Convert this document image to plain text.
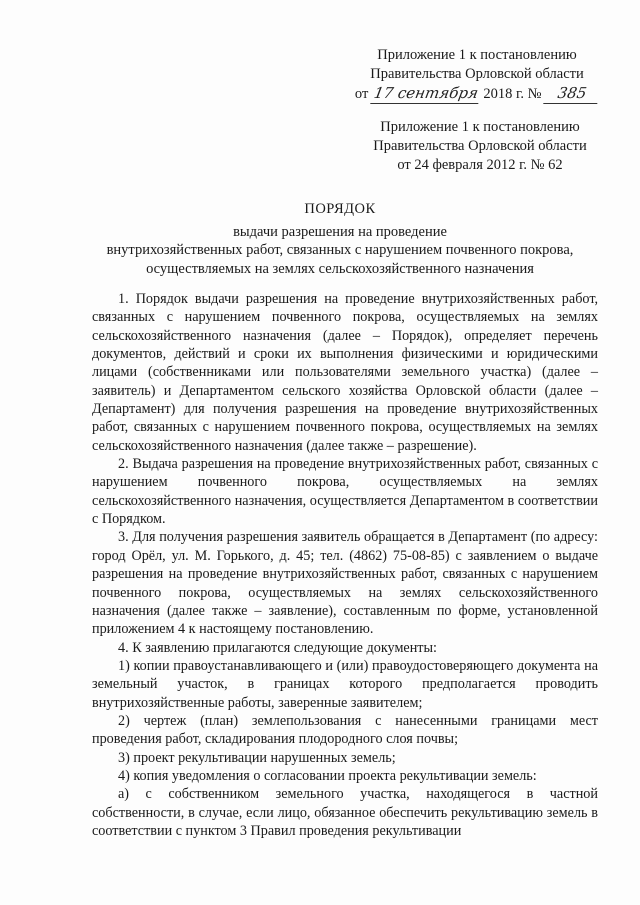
Приложение 1 к постановлению
Правительства Орловской области
от 17 сентября 2018 г. № 385
Приложение 1 к постановлению
Правительства Орловской области
от 24 февраля 2012 г. № 62
ПОРЯДОК
выдачи разрешения на проведение
внутрихозяйственных работ, связанных с нарушением почвенного покрова,
осуществляемых на землях сельскохозяйственного назначения

1. Порядок выдачи разрешения на проведение внутрихозяйственных работ, связанных с нарушением почвенного покрова, осуществляемых на землях сельскохозяйственного назначения (далее – Порядок), определяет перечень документов, действий и сроки их выполнения физическими и юридическими лицами (собственниками или пользователями земельного участка) (далее – заявитель) и Департаментом сельского хозяйства Орловской области (далее – Департамент) для получения разрешения на проведение внутрихозяйственных работ, связанных с нарушением почвенного покрова, осуществляемых на землях сельскохозяйственного назначения (далее также – разрешение).

2. Выдача разрешения на проведение внутрихозяйственных работ, связанных с нарушением почвенного покрова, осуществляемых на землях сельскохозяйственного назначения, осуществляется Департаментом в соответствии с Порядком.

3. Для получения разрешения заявитель обращается в Департамент (по адресу: город Орёл, ул. М. Горького, д. 45; тел. (4862) 75-08-85) с заявлением о выдаче разрешения на проведение внутрихозяйственных работ, связанных с нарушением почвенного покрова, осуществляемых на землях сельскохозяйственного назначения (далее также – заявление), составленным по форме, установленной приложением 4 к настоящему постановлению.

4. К заявлению прилагаются следующие документы:

1) копии правоустанавливающего и (или) правоудостоверяющего документа на земельный участок, в границах которого предполагается проводить внутрихозяйственные работы, заверенные заявителем;

2) чертеж (план) землепользования с нанесенными границами мест проведения работ, складирования плодородного слоя почвы;

3) проект рекультивации нарушенных земель;

4) копия уведомления о согласовании проекта рекультивации земель:

а) с собственником земельного участка, находящегося в частной собственности, в случае, если лицо, обязанное обеспечить рекультивацию земель в соответствии с пунктом 3 Правил проведения рекультивации
